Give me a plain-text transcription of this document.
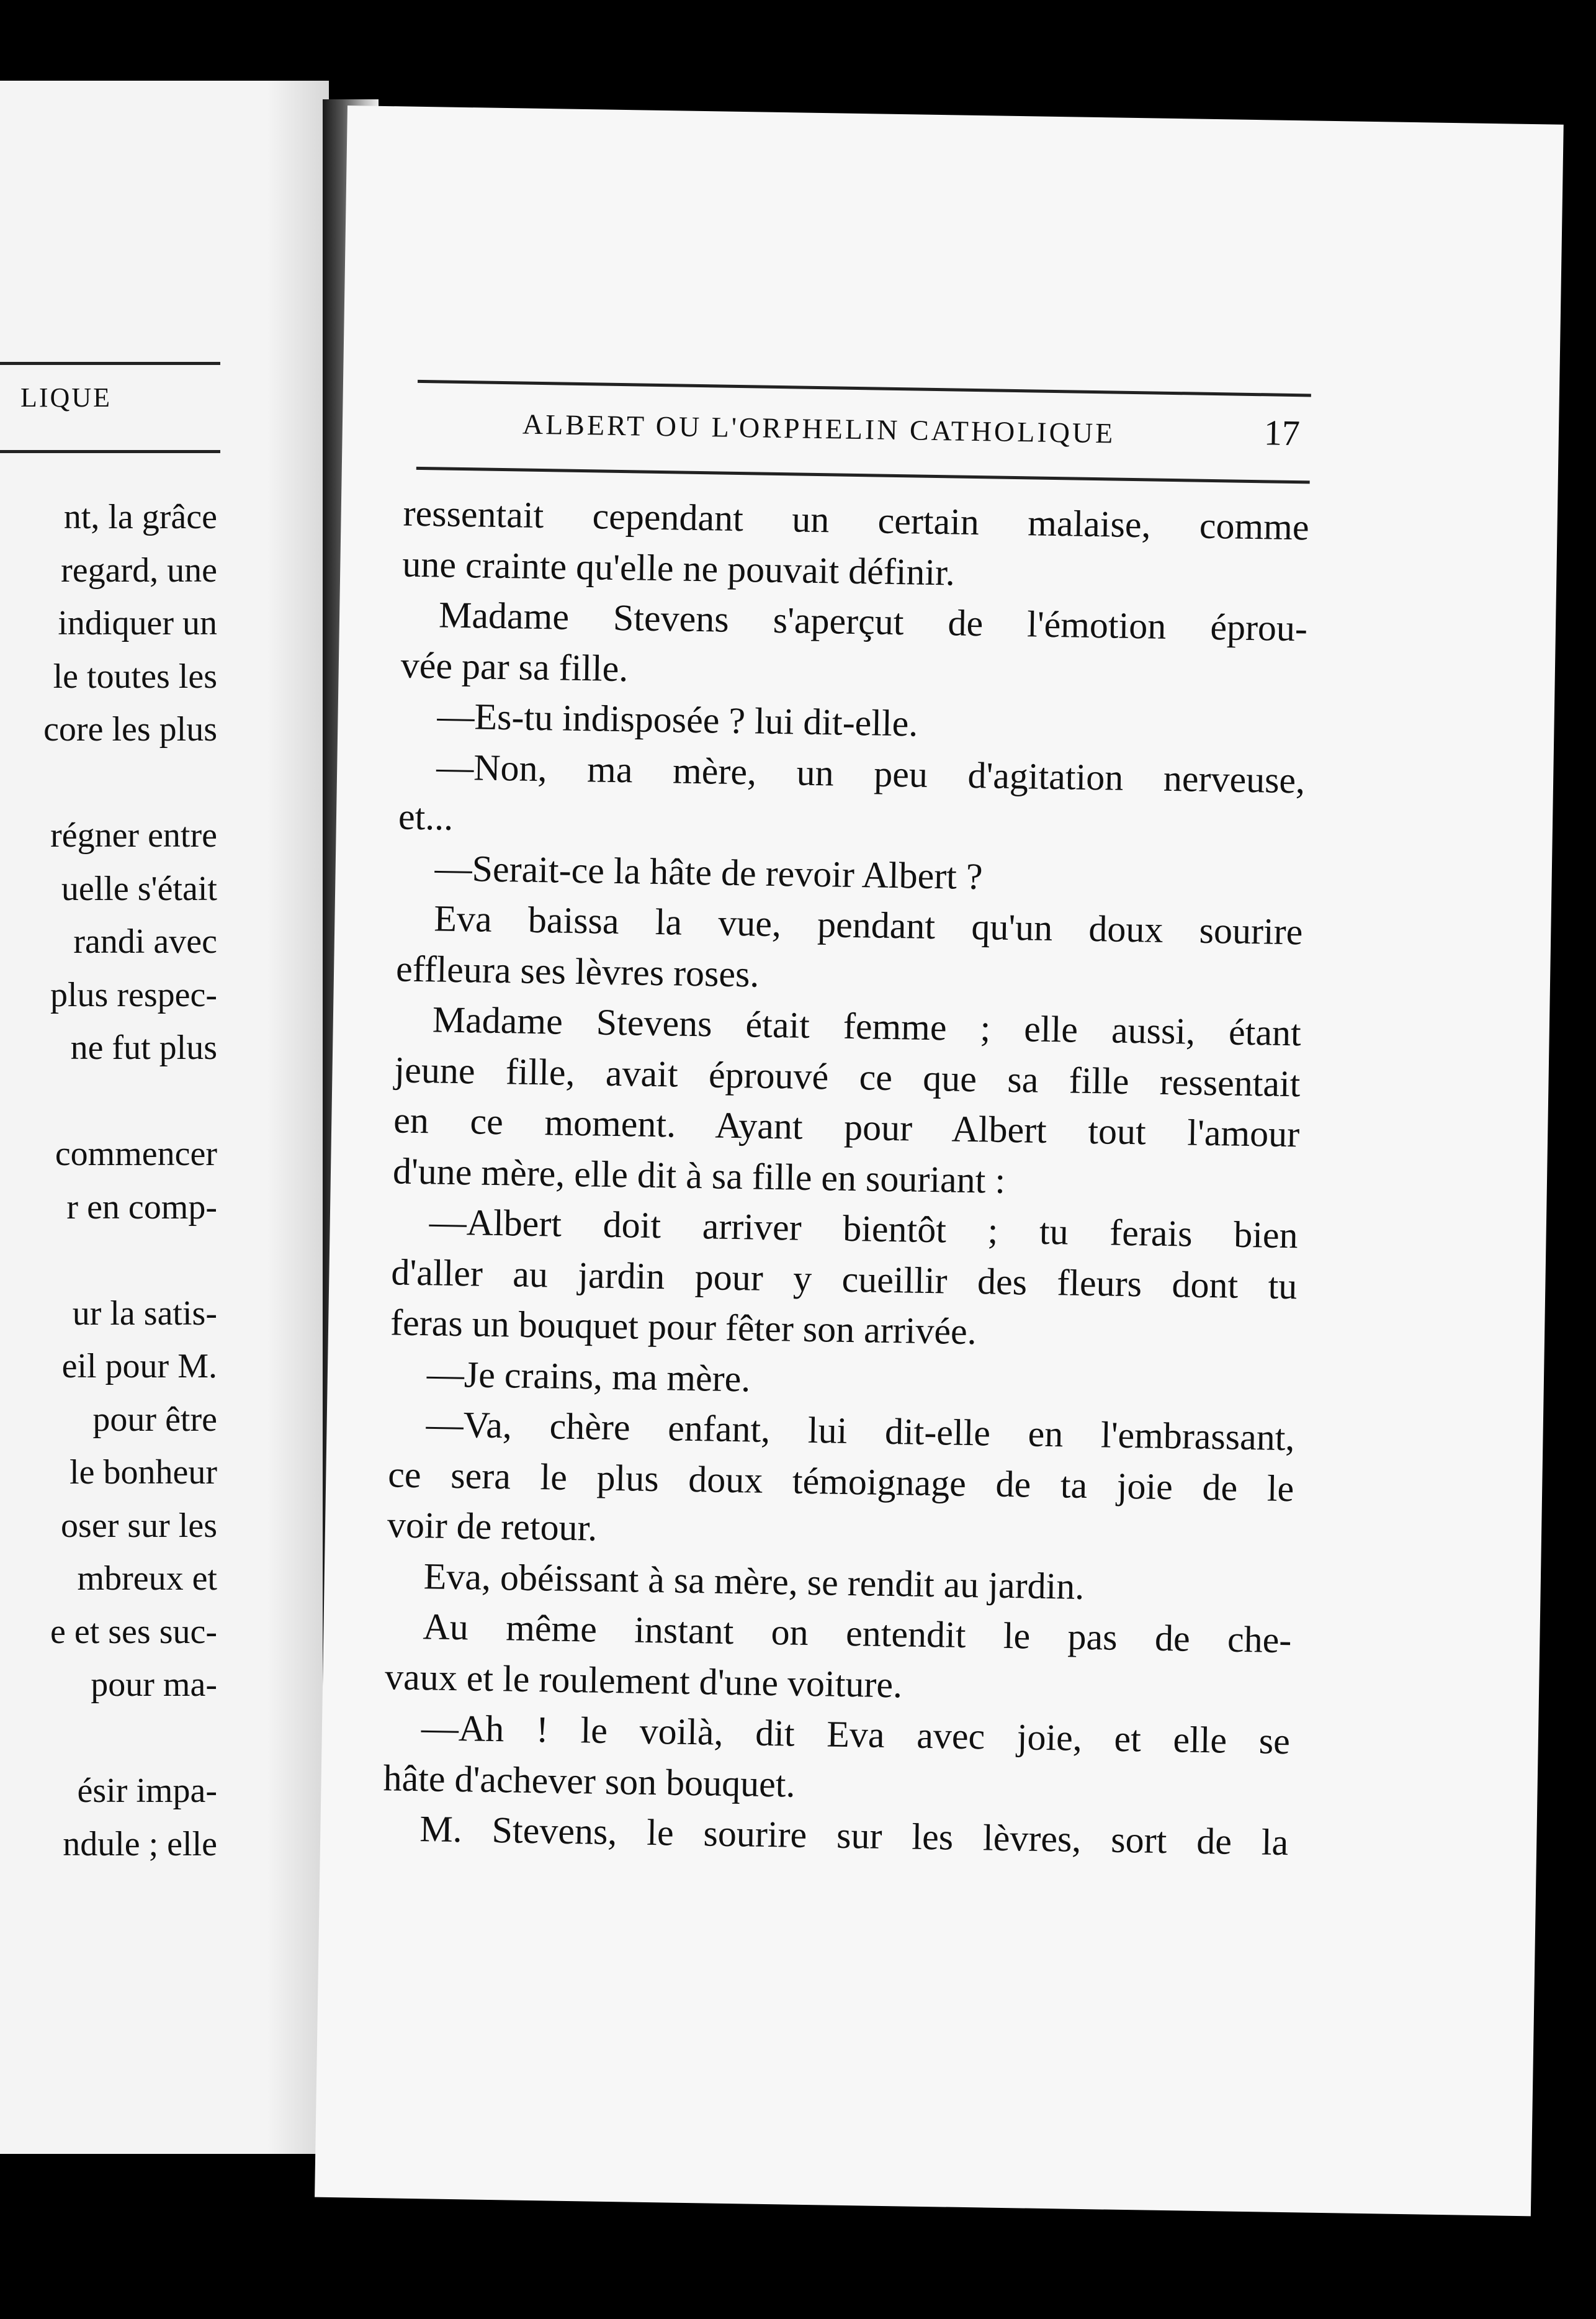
LIQUE
nt, la grâce
regard, une
indiquer un
le toutes les
core les plus
régner entre
uelle s'était
randi avec
plus respec-
ne fut plus
commencer
r en comp-
ur la satis-
eil pour M.
pour être
le bonheur
oser sur les
mbreux et
e et ses suc-
pour ma-
ésir impa-
ndule ; elle
ALBERT OU L'ORPHELIN CATHOLIQUE	17
ressentait cependant un certain malaise, comme
une crainte qu'elle ne pouvait définir.
Madame Stevens s'aperçut de l'émotion éprou-
vée par sa fille.
—Es-tu indisposée ? lui dit-elle.
—Non, ma mère, un peu d'agitation nerveuse,
et...
—Serait-ce la hâte de revoir Albert ?
Eva baissa la vue, pendant qu'un doux sourire
effleura ses lèvres roses.
Madame Stevens était femme ; elle aussi, étant
jeune fille, avait éprouvé ce que sa fille ressentait
en ce moment. Ayant pour Albert tout l'amour
d'une mère, elle dit à sa fille en souriant :
—Albert doit arriver bientôt ; tu ferais bien
d'aller au jardin pour y cueillir des fleurs dont tu
feras un bouquet pour fêter son arrivée.
—Je crains, ma mère.
—Va, chère enfant, lui dit-elle en l'embrassant,
ce sera le plus doux témoignage de ta joie de le
voir de retour.
Eva, obéissant à sa mère, se rendit au jardin.
Au même instant on entendit le pas de che-
vaux et le roulement d'une voiture.
—Ah ! le voilà, dit Eva avec joie, et elle se
hâte d'achever son bouquet.
M. Stevens, le sourire sur les lèvres, sort de la
